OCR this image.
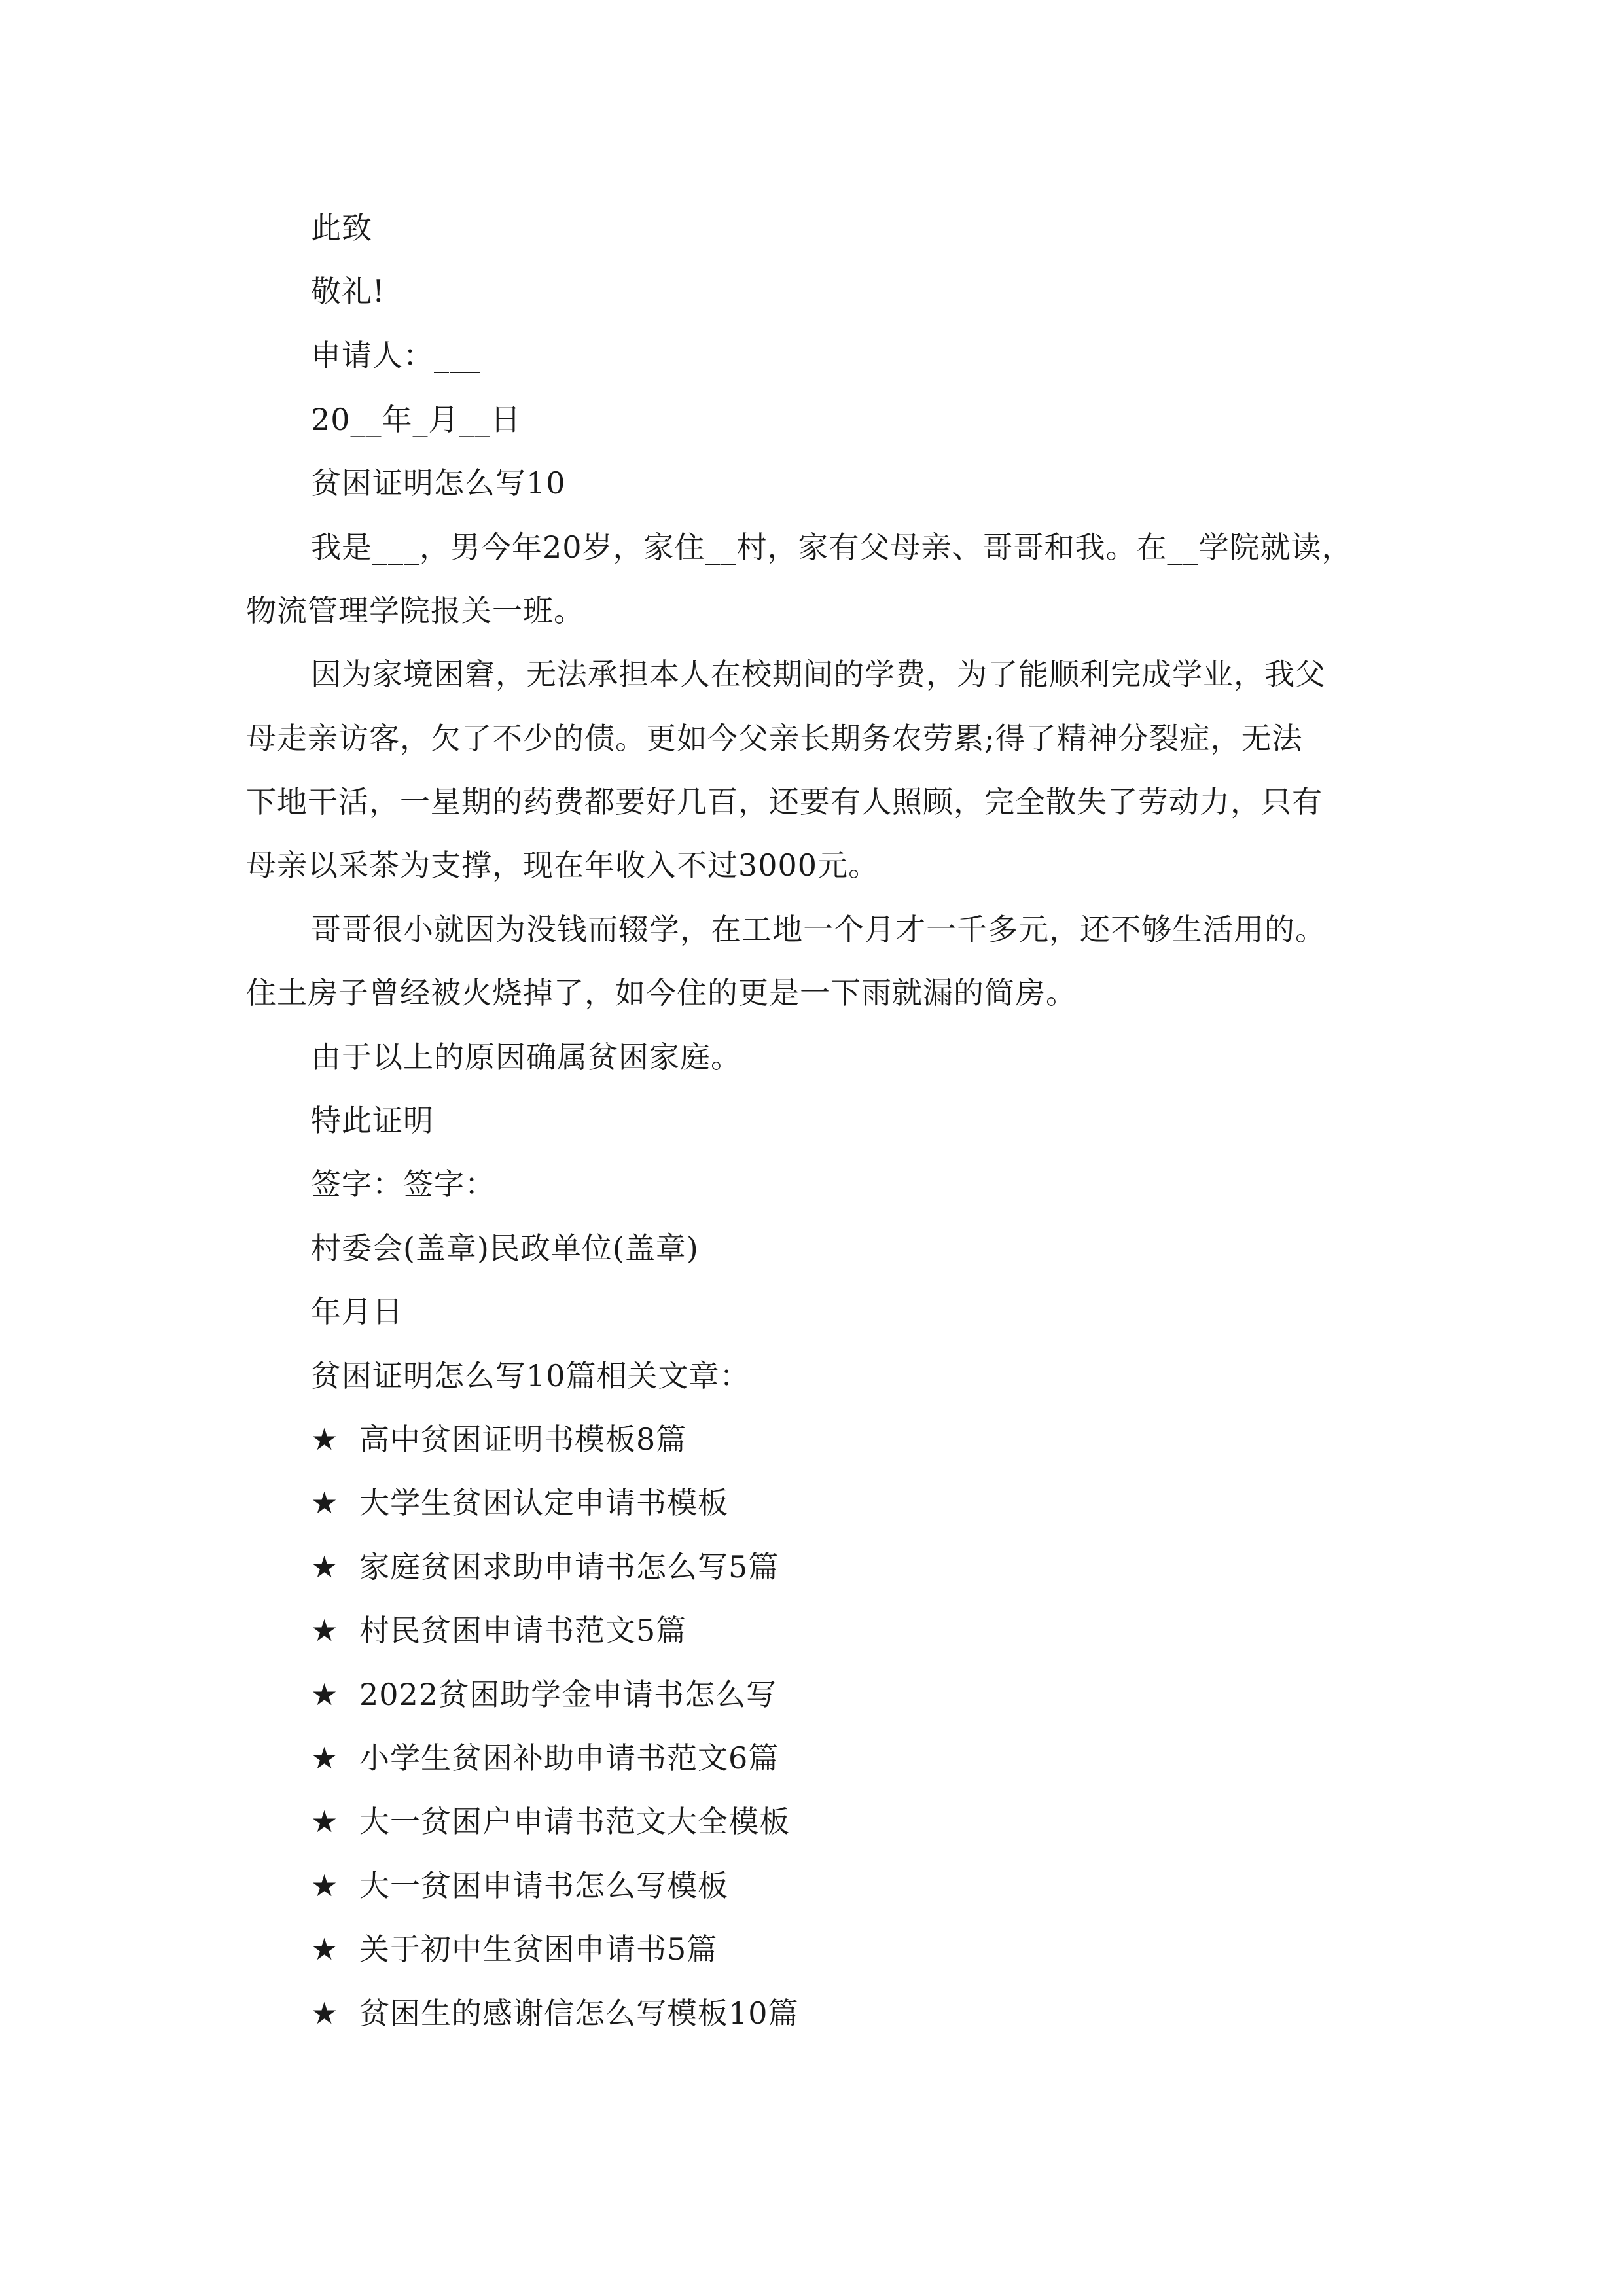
此致
敬礼!
申请人：___
20__年_月__日
贫困证明怎么写10
我是___，男今年20岁，家住__村，家有父母亲、哥哥和我。在__学院就读，
物流管理学院报关一班。
因为家境困窘，无法承担本人在校期间的学费，为了能顺利完成学业，我父
母走亲访客，欠了不少的债。更如今父亲长期务农劳累;得了精神分裂症，无法
下地干活，一星期的药费都要好几百，还要有人照顾，完全散失了劳动力，只有
母亲以采茶为支撑，现在年收入不过3000元。
哥哥很小就因为没钱而辍学，在工地一个月才一千多元，还不够生活用的。
住土房子曾经被火烧掉了，如今住的更是一下雨就漏的简房。
由于以上的原因确属贫困家庭。
特此证明
签字：签字：
村委会(盖章)民政单位(盖章)
年月日
贫困证明怎么写10篇相关文章：
★ 高中贫困证明书模板8篇
★ 大学生贫困认定申请书模板
★ 家庭贫困求助申请书怎么写5篇
★ 村民贫困申请书范文5篇
★ 2022贫困助学金申请书怎么写
★ 小学生贫困补助申请书范文6篇
★ 大一贫困户申请书范文大全模板
★ 大一贫困申请书怎么写模板
★ 关于初中生贫困申请书5篇
★ 贫困生的感谢信怎么写模板10篇
